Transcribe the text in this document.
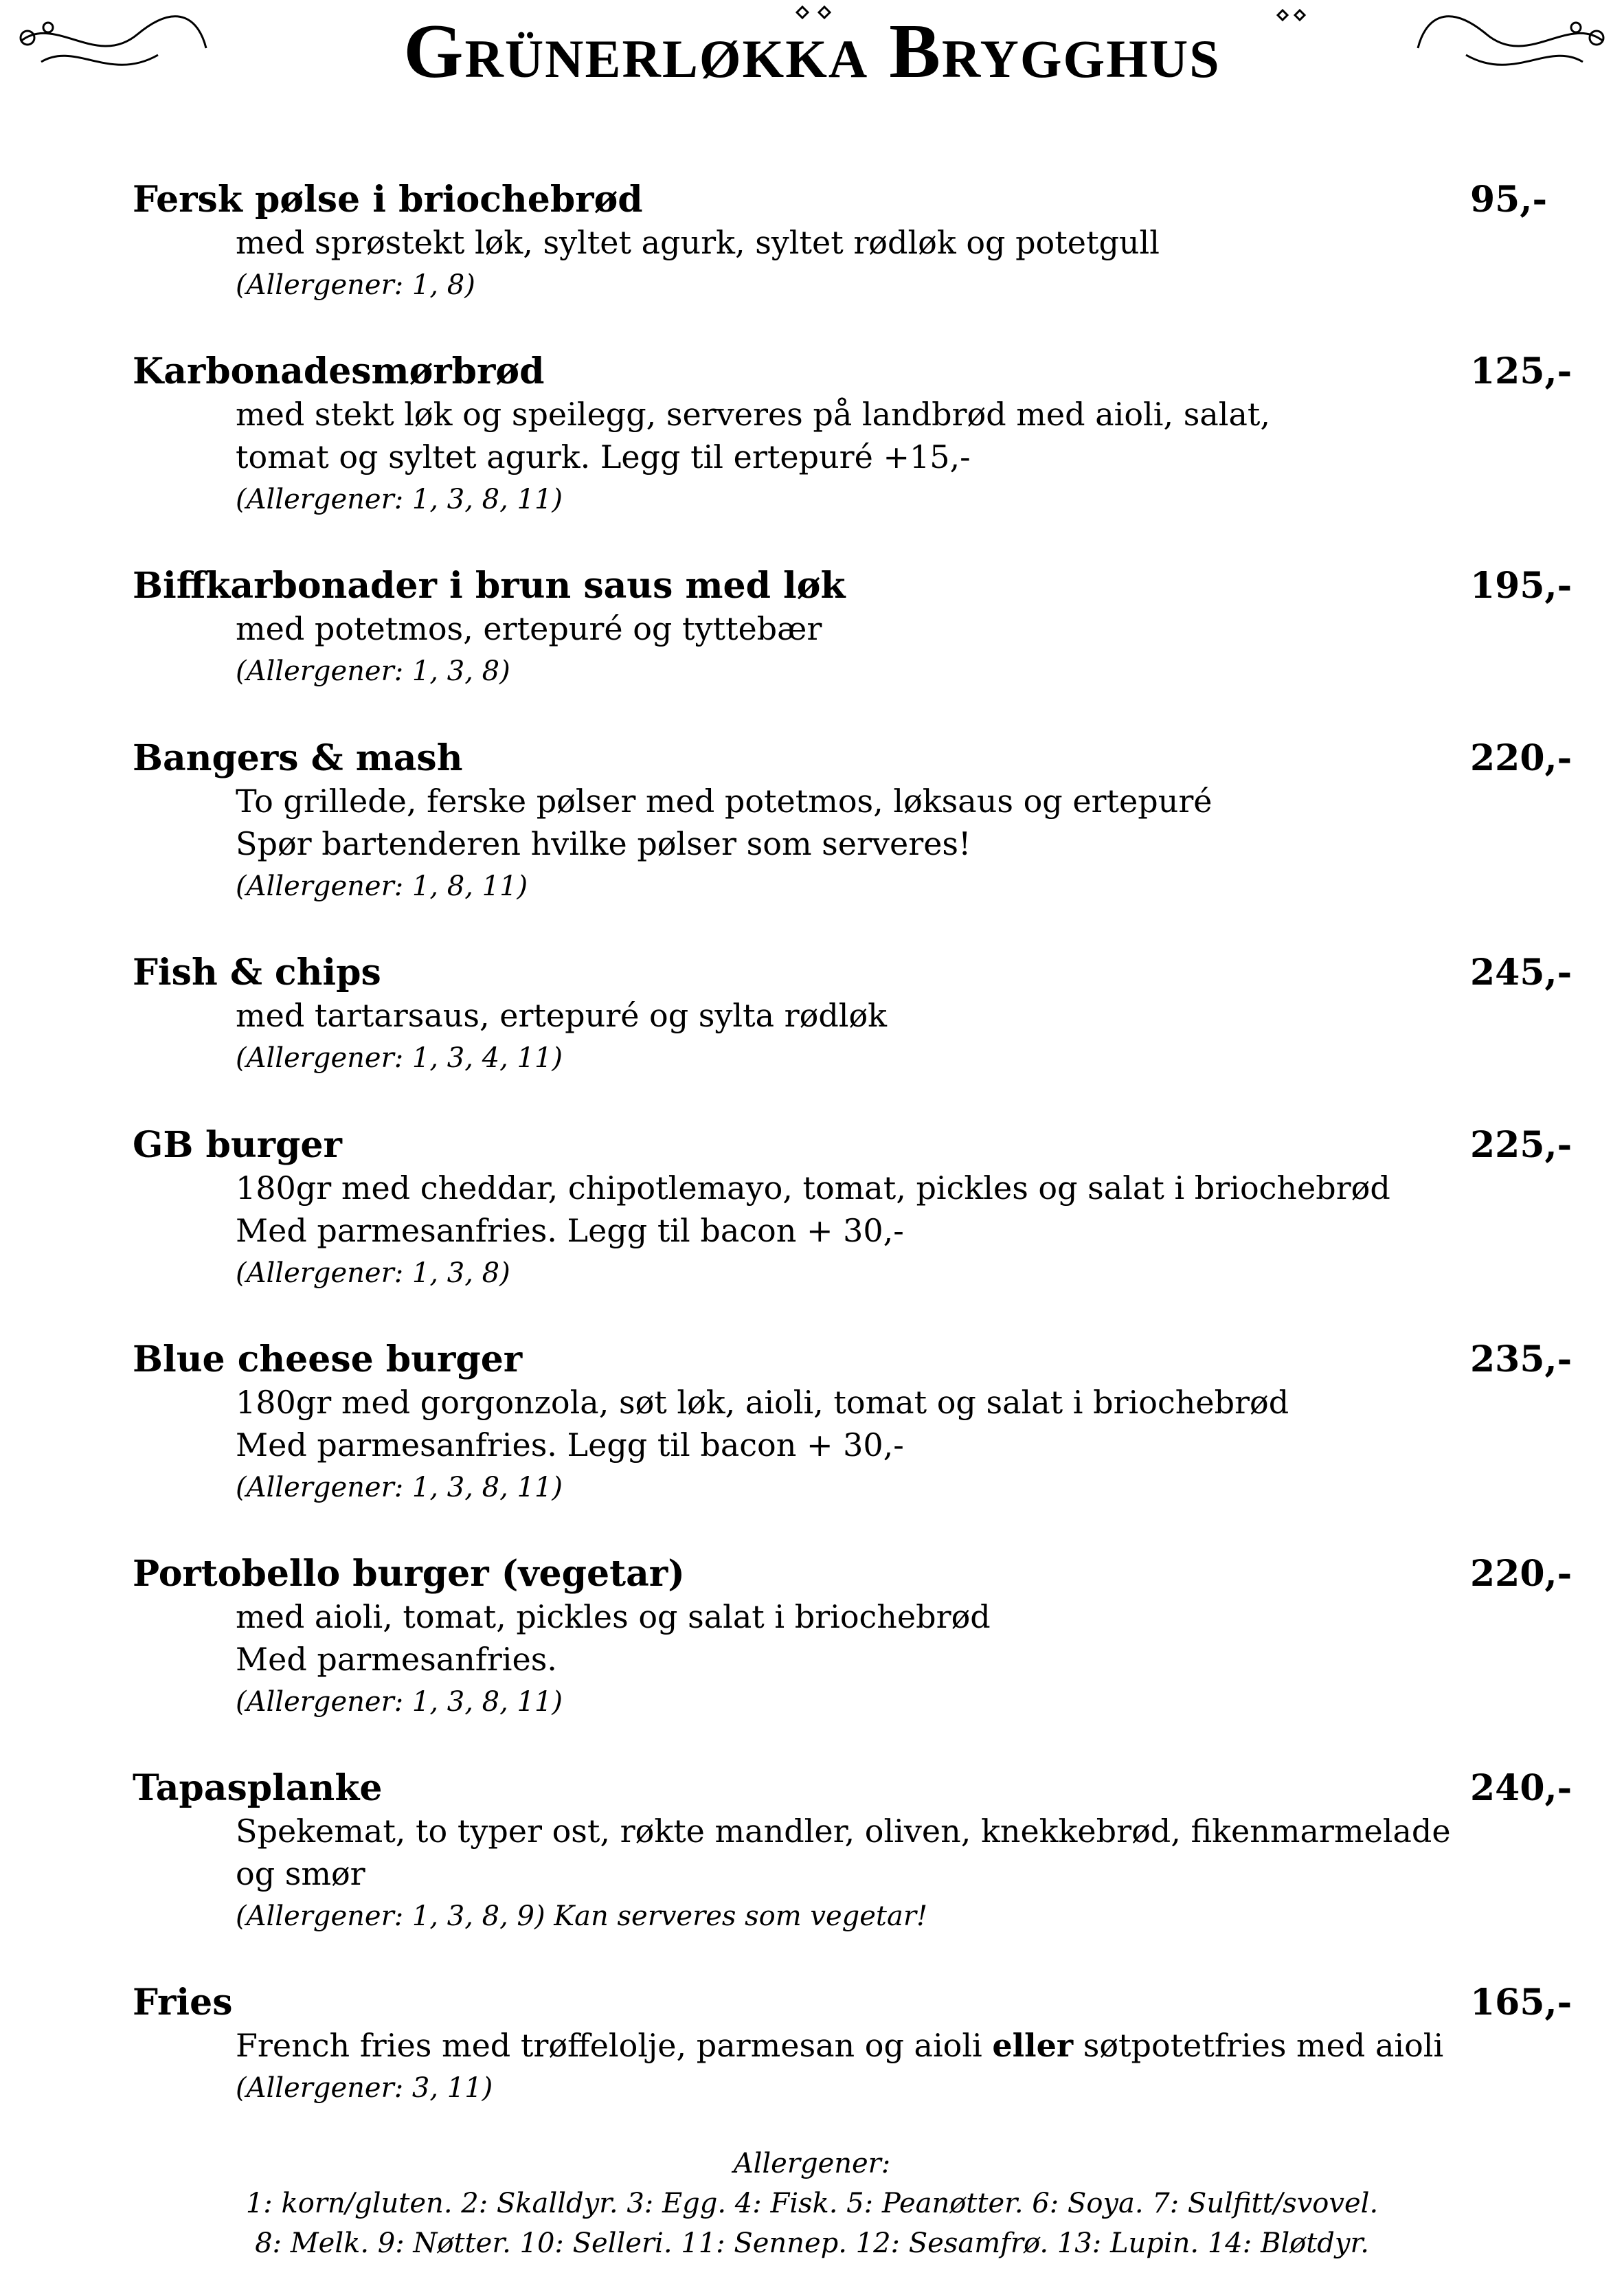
Grünerløkka Brygghus
Fersk pølse i briochebrød	95,-
med sprøstekt løk, syltet agurk, syltet rødløk og potetgull
(Allergener: 1, 8)
Karbonadesmørbrød	125,-
med stekt løk og speilegg, serveres på landbrød med aioli, salat,
tomat og syltet agurk. Legg til ertepuré +15,-
(Allergener: 1, 3, 8, 11)
Biffkarbonader i brun saus med løk	195,-
med potetmos, ertepuré og tyttebær
(Allergener: 1, 3, 8)
Bangers & mash	220,-
To grillede, ferske pølser med potetmos, løksaus og ertepuré
Spør bartenderen hvilke pølser som serveres!
(Allergener: 1, 8, 11)
Fish & chips	245,-
med tartarsaus, ertepuré og sylta rødløk
(Allergener: 1, 3, 4, 11)
GB burger	225,-
180gr med cheddar, chipotlemayo, tomat, pickles og salat i briochebrød
Med parmesanfries. Legg til bacon + 30,-
(Allergener: 1, 3, 8)
Blue cheese burger	235,-
180gr med gorgonzola, søt løk, aioli, tomat og salat i briochebrød
Med parmesanfries. Legg til bacon + 30,-
(Allergener: 1, 3, 8, 11)
Portobello burger (vegetar)	220,-
med aioli, tomat, pickles og salat i briochebrød
Med parmesanfries.
(Allergener: 1, 3, 8, 11)
Tapasplanke	240,-
Spekemat, to typer ost, røkte mandler, oliven, knekkebrød, fikenmarmelade
og smør
(Allergener: 1, 3, 8, 9) Kan serveres som vegetar!
Fries	165,-
French fries med trøffelolje, parmesan og aioli eller søtpotetfries med aioli
(Allergener: 3, 11)
Allergener:
1: korn/gluten. 2: Skalldyr. 3: Egg. 4: Fisk. 5: Peanøtter. 6: Soya. 7: Sulfitt/svovel.
8: Melk. 9: Nøtter. 10: Selleri. 11: Sennep. 12: Sesamfrø. 13: Lupin. 14: Bløtdyr.
